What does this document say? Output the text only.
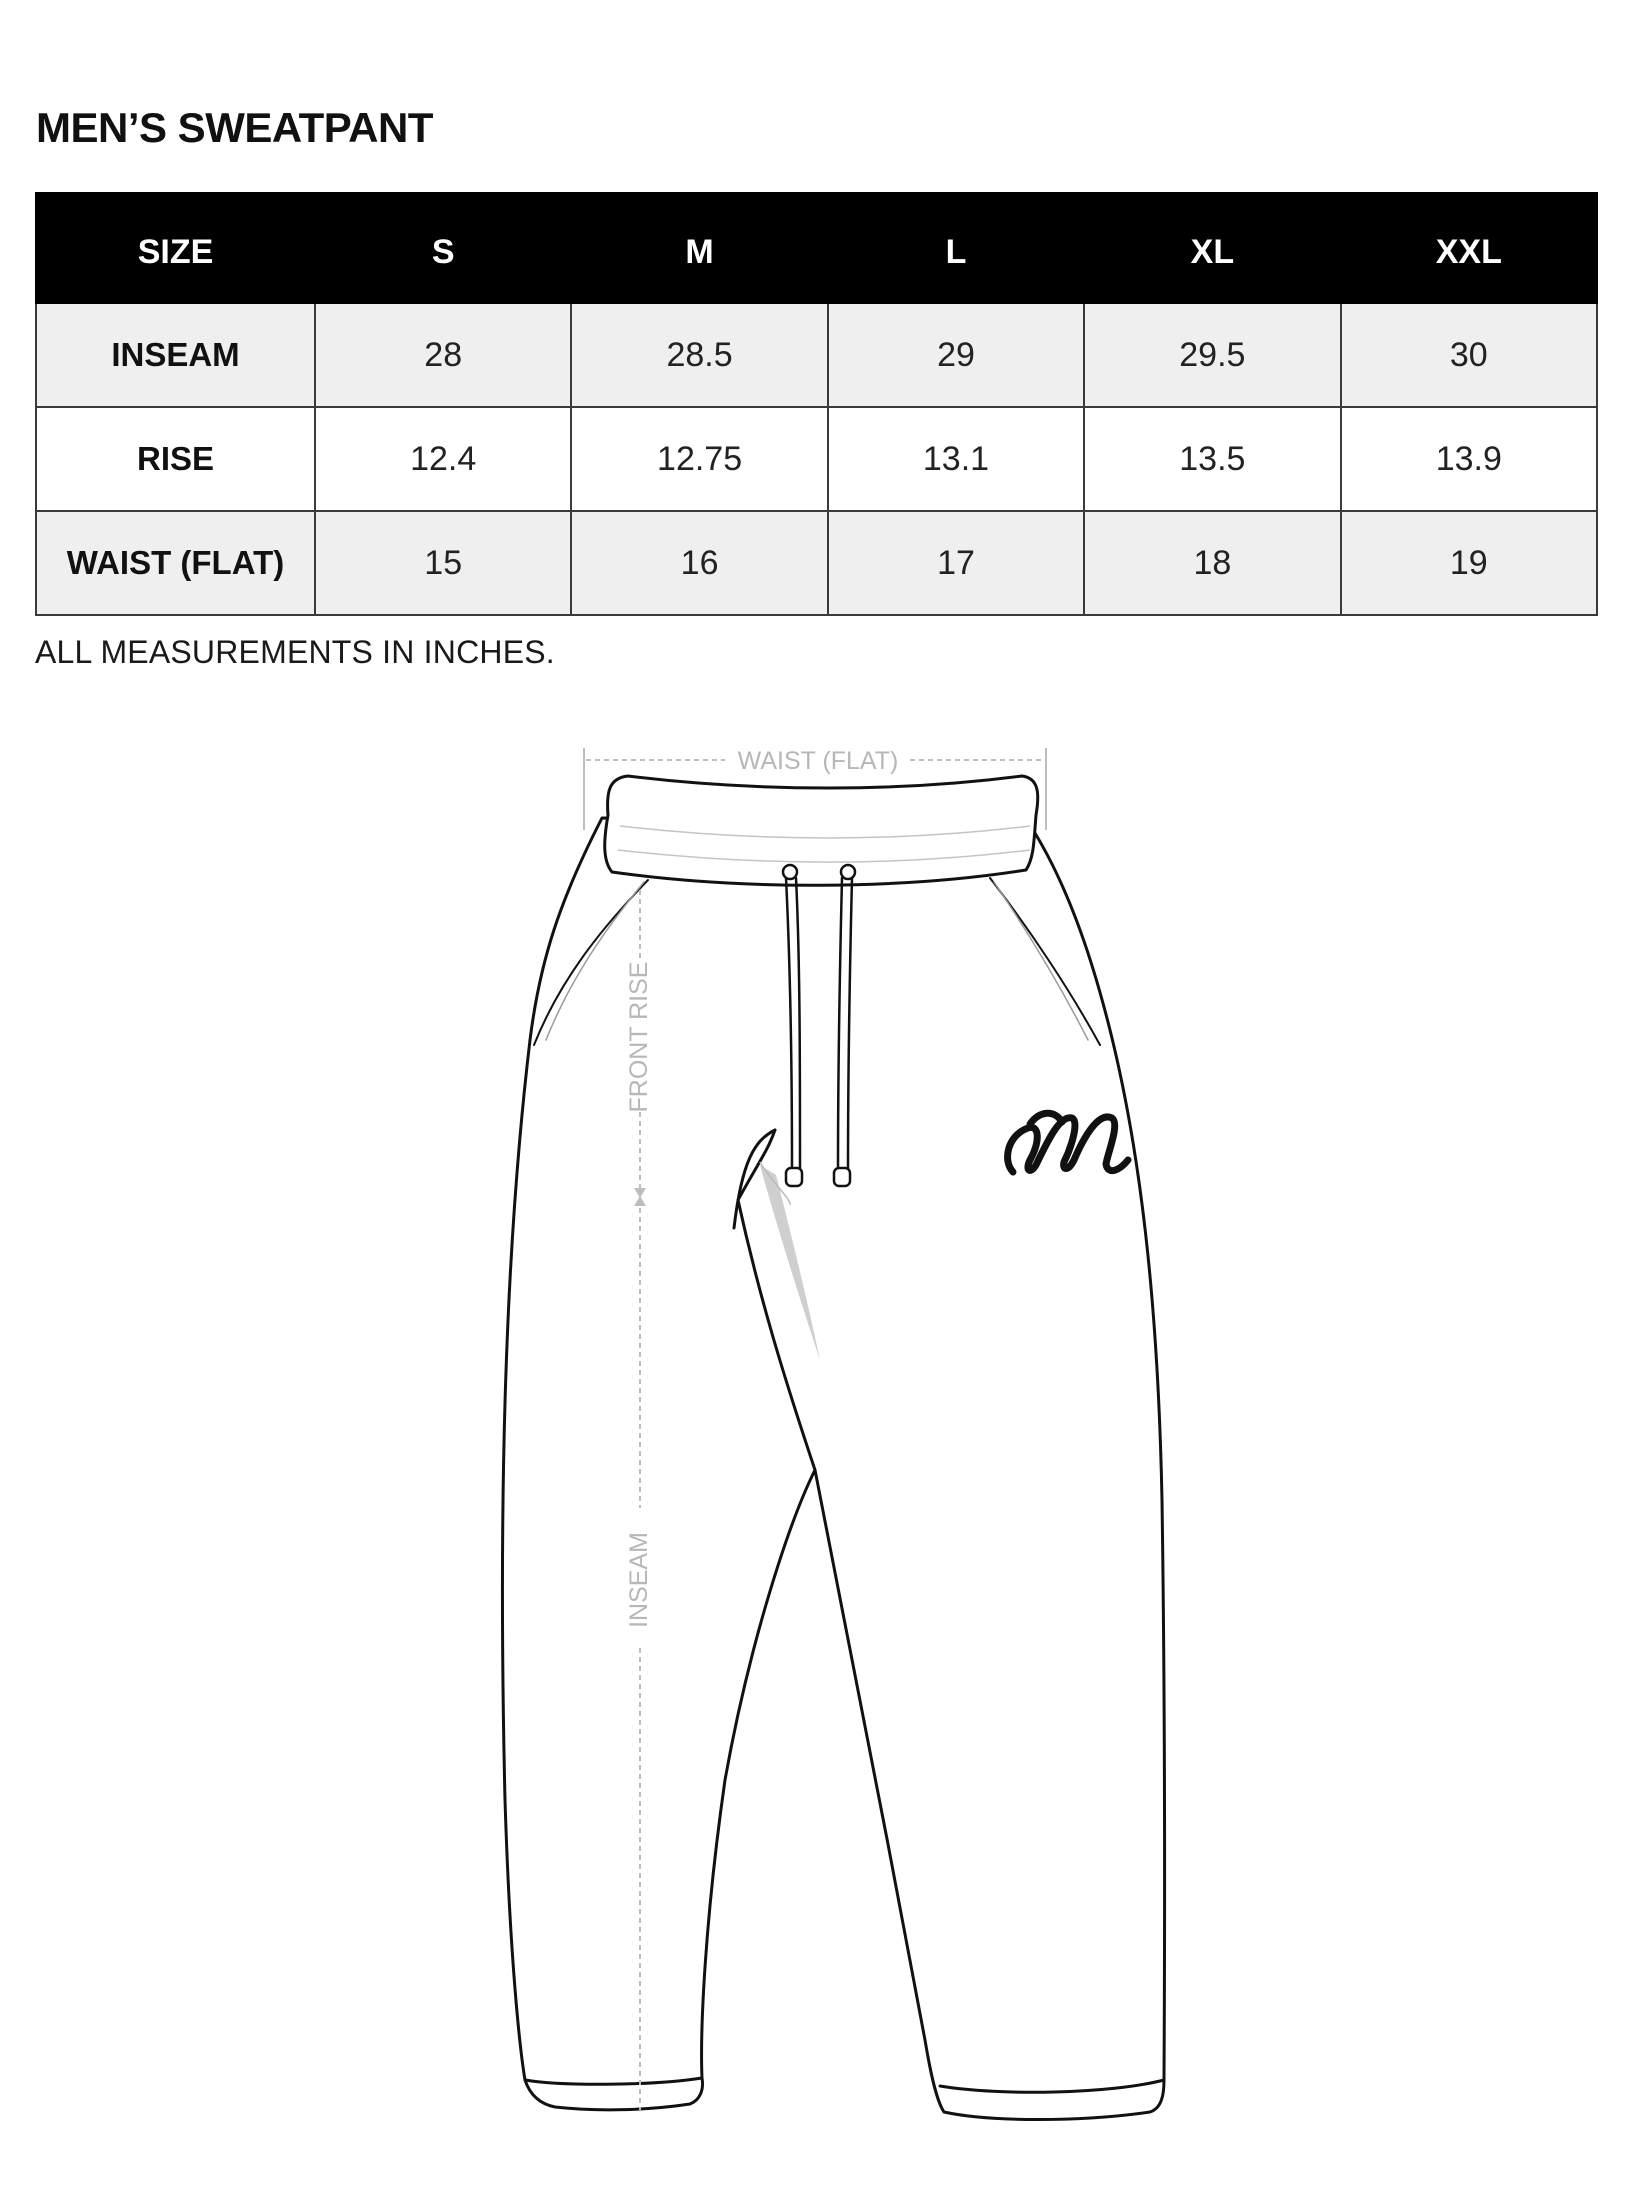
MEN’S SWEATPANT
SIZE	S	M	L	XL	XXL
INSEAM	28	28.5	29	29.5	30
RISE	12.4	12.75	13.1	13.5	13.9
WAIST (FLAT)	15	16	17	18	19
ALL MEASUREMENTS IN INCHES.
WAIST (FLAT)
FRONT RISE
INSEAM
